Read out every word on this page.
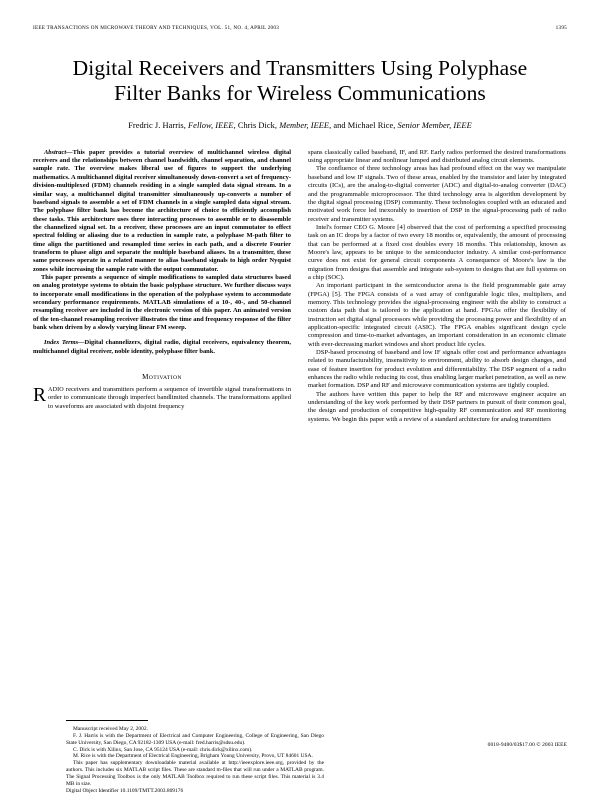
IEEE TRANSACTIONS ON MICROWAVE THEORY AND TECHNIQUES, VOL. 51, NO. 4, APRIL 2003	1395
Digital Receivers and Transmitters Using Polyphase
Filter Banks for Wireless Communications
Fredric J. Harris, Fellow, IEEE, Chris Dick, Member, IEEE, and Michael Rice, Senior Member, IEEE

Abstract—This paper provides a tutorial overview of multichannel wireless digital receivers and the relationships between channel bandwidth, channel separation, and channel sample rate. The overview makes liberal use of figures to support the underlying mathematics. A multichannel digital receiver simultaneously down-convert a set of frequency-division-multiplexed (FDM) channels residing in a single sampled data signal stream. In a similar way, a multichannel digital transmitter simultaneously up-converts a number of baseband signals to assemble a set of FDM channels in a single sampled data signal stream. The polyphase filter bank has become the architecture of choice to efficiently accomplish these tasks. This architecture uses three interacting processes to assemble or to disassemble the channelized signal set. In a receiver, these processes are an input commutator to effect spectral folding or aliasing due to a reduction in sample rate, a polyphase M-path filter to time align the partitioned and resampled time series in each path, and a discrete Fourier transform to phase align and separate the multiple baseband aliases. In a transmitter, these same processes operate in a related manner to alias baseband signals to high order Nyquist zones while increasing the sample rate with the output commutator.

This paper presents a sequence of simple modifications to sampled data structures based on analog prototype systems to obtain the basic polyphase structure. We further discuss ways to incorporate small modifications in the operation of the polyphase system to accommodate secondary performance requirements. MATLAB simulations of a 10-, 40-, and 50-channel resampling receiver are included in the electronic version of this paper. An animated version of the ten-channel resampling receiver illustrates the time and frequency response of the filter bank when driven by a slowly varying linear FM sweep.

Index Terms—Digital channelizers, digital radio, digital receivers, equivalency theorem, multichannel digital receiver, noble identity, polyphase filter bank.

MOTIVATION
R ADIO receivers and transmitters perform a sequence of invertible signal transformations in order to communicate through imperfect bandlimited channels. The transformations applied to waveforms are associated with disjoint frequency

Manuscript received May 2, 2002.

F. J. Harris is with the Department of Electrical and Computer Engineering, College of Engineering, San Diego State University, San Diego, CA 92182-1309 USA (e-mail: fred.harris@sdsu.edu).

C. Dick is with Xilinx, San Jose, CA 95124 USA (e-mail: chris.dick@xilinx.com).

M. Rice is with the Department of Electrical Engineering, Brigham Young University, Provo, UT 84601 USA.

This paper has supplementary downloadable material available at http://ieeexplore.ieee.org, provided by the authors. This includes six MATLAB script files. These are standard m-files that will run under a MATLAB program. The Signal Processing Toolbox is the only MATLAB Toolbox required to run these script files. This material is 3.4 MB in size.

Digital Object Identifier 10.1109/TMTT.2003.809176

spans classically called baseband, IF, and RF. Early radios performed the desired transformations using appropriate linear and nonlinear lumped and distributed analog circuit elements.

The confluence of three technology areas has had profound effect on the way we manipulate baseband and low IF signals. Two of these areas, enabled by the transistor and later by integrated circuits (ICs), are the analog-to-digital converter (ADC) and digital-to-analog converter (DAC) and the programmable microprocessor. The third technology area is algorithm development by the digital signal processing (DSP) community. These technologies coupled with an educated and motivated work force led inexorably to insertion of DSP in the signal-processing path of radio receiver and transmitter systems.

Intel's former CEO G. Moore [4] observed that the cost of performing a specified processing task on an IC drops by a factor of two every 18 months or, equivalently, the amount of processing that can be performed at a fixed cost doubles every 18 months. This relationship, known as Moore's law, appears to be unique to the semiconductor industry. A similar cost-performance curve does not exist for general circuit components A consequence of Moore's law is the migration from designs that assemble and integrate sub-system to designs that are full systems on a chip (SOC).

An important participant in the semiconductor arena is the field programmable gate array (FPGA) [5]. The FPGA consists of a vast array of configurable logic tiles, multipliers, and memory. This technology provides the signal-processing engineer with the ability to construct a custom data path that is tailored to the application at hand. FPGAs offer the flexibility of instruction set digital signal processors while providing the processing power and flexibility of an application-specific integrated circuit (ASIC). The FPGA enables significant design cycle compression and time-to-market advantages, an important consideration in an economic climate with ever-decreasing market windows and short product life cycles.

DSP-based processing of baseband and low IF signals offer cost and performance advantages related to manufacturability, insensitivity to environment, ability to absorb design changes, and ease of feature insertion for product evolution and differentiability. The DSP segment of a radio enhances the radio while reducing its cost, thus enabling larger market penetration, as well as new market formation. DSP and RF and microwave communication systems are tightly coupled.

The authors have written this paper to help the RF and microwave engineer acquire an understanding of the key work performed by their DSP partners in pursuit of their common goal, the design and production of competitive high-quality RF communication and RF monitoring systems. We begin this paper with a review of a standard architecture for analog transmitters

0018-9480/03$17.00 © 2003 IEEE
